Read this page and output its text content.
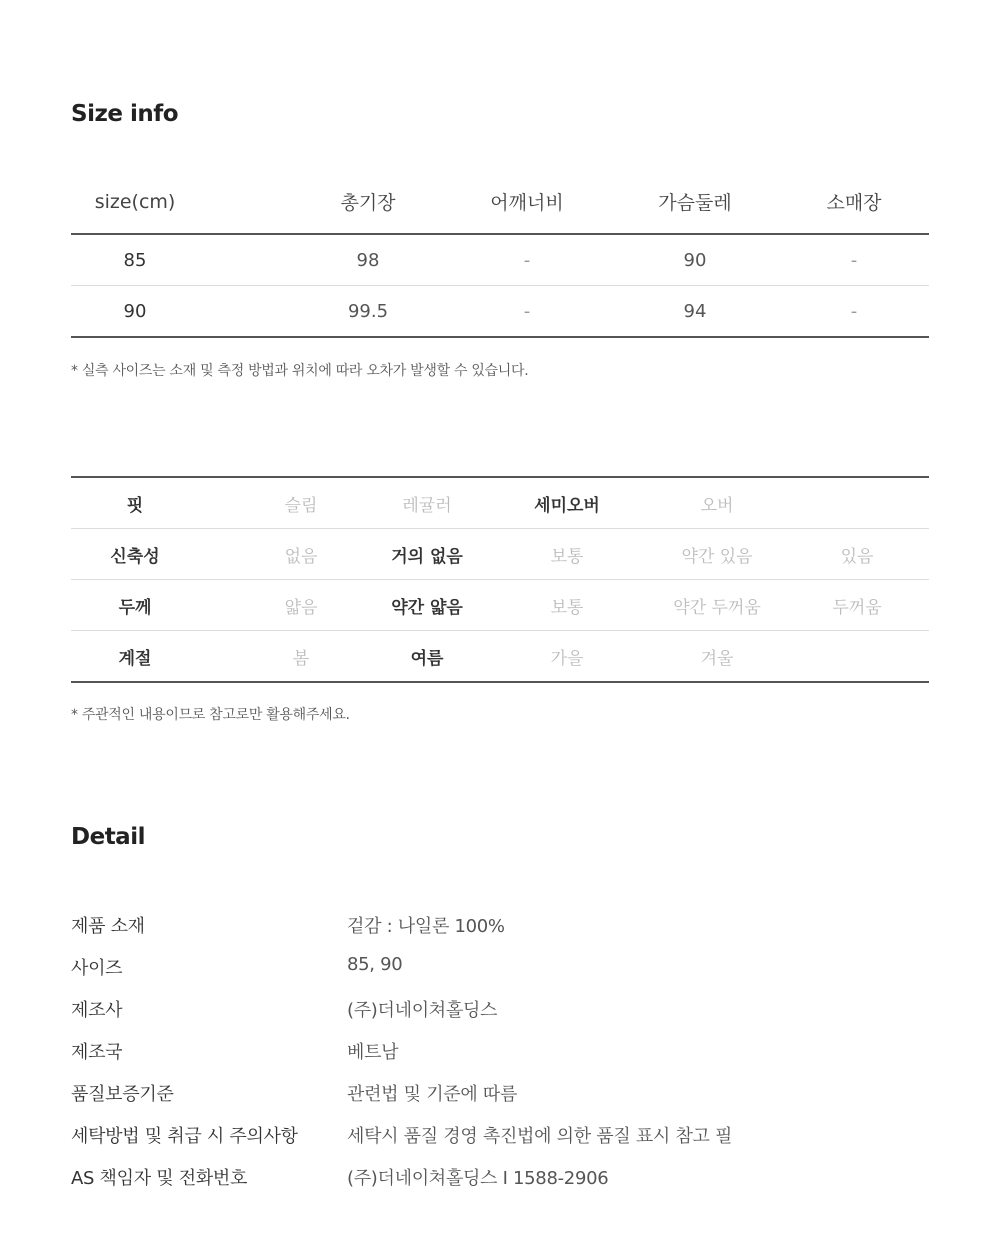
Size info
size(cm)	총기장	어깨너비	가슴둘레	소매장
85	98	-	90	-
90	99.5	-	94	-

* 실측 사이즈는 소재 및 측정 방법과 위치에 따라 오차가 발생할 수 있습니다.

핏	슬림	레귤러	세미오버	오버
신축성	없음	거의 없음	보통	약간 있음	있음
두께	얇음	약간 얇음	보통	약간 두꺼움	두꺼움
계절	봄	여름	가을	겨울

* 주관적인 내용이므로 참고로만 활용해주세요.

Detail
제품 소재	겉감 : 나일론 100%
사이즈	85, 90
제조사	(주)더네이쳐홀딩스
제조국	베트남
품질보증기준	관련법 및 기준에 따름
세탁방법 및 취급 시 주의사항	세탁시 품질 경영 촉진법에 의한 품질 표시 참고 필
AS 책임자 및 전화번호	(주)더네이쳐홀딩스 I 1588-2906
